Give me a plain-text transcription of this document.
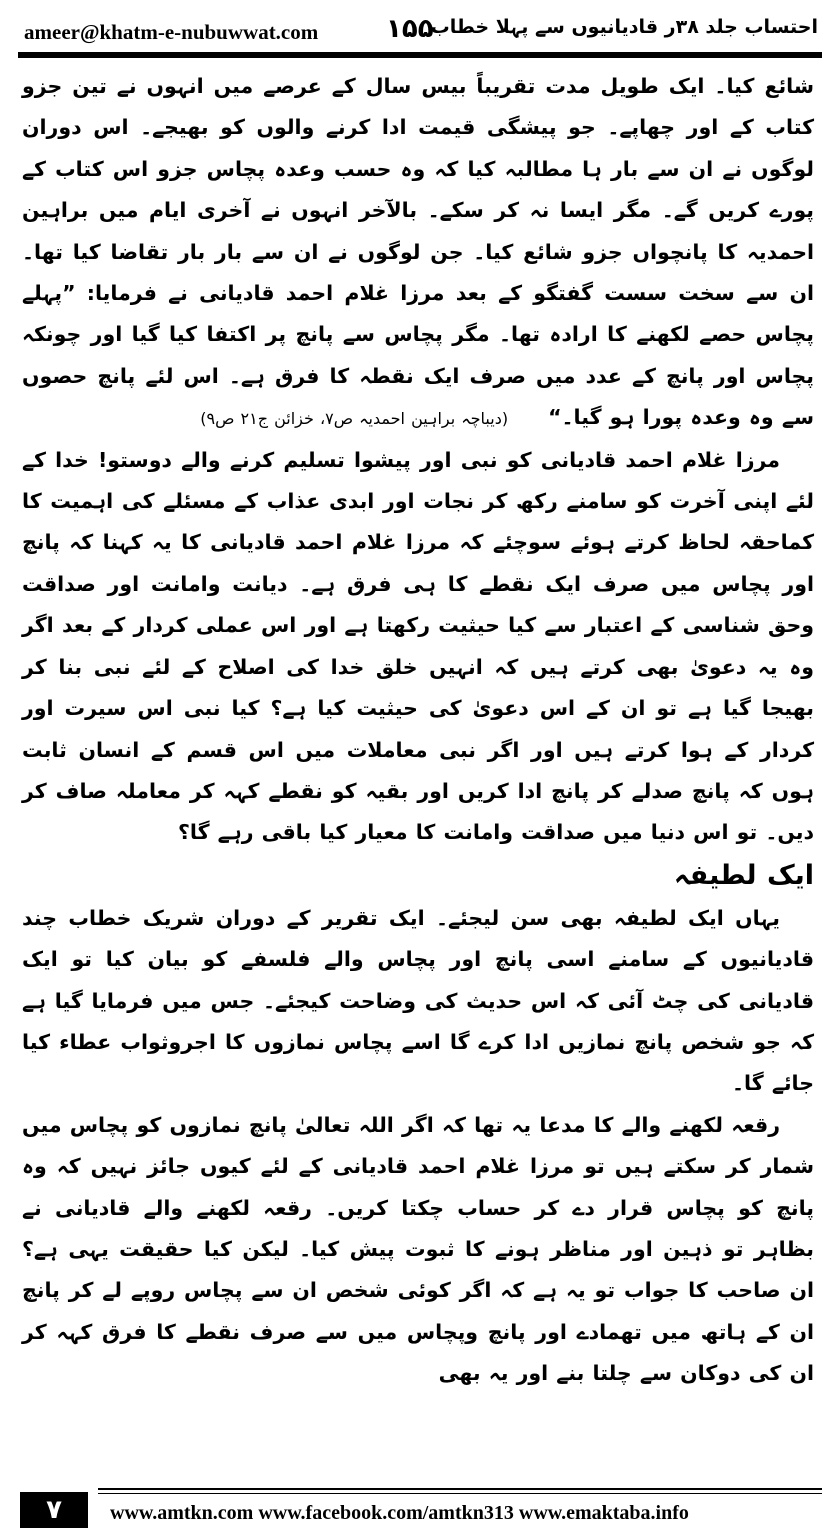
ameer@khatm-e-nubuwwat.com	۱۵۵
احتساب جلد ۳۸ر قادیانیوں سے پہلا خطاب

شائع کیا۔ ایک طویل مدت تقریباً بیس سال کے عرصے میں انہوں نے تین جزو کتاب کے اور چھاپے۔ جو پیشگی قیمت ادا کرنے والوں کو بھیجے۔ اس دوران لوگوں نے ان سے بار ہا مطالبہ کیا کہ وہ حسب وعدہ پچاس جزو اس کتاب کے پورے کریں گے۔ مگر ایسا نہ کر سکے۔ بالآخر انہوں نے آخری ایام میں براہین احمدیہ کا پانچواں جزو شائع کیا۔ جن لوگوں نے ان سے بار بار تقاضا کیا تھا۔ ان سے سخت سست گفتگو کے بعد مرزا غلام احمد قادیانی نے فرمایا: ”پہلے پچاس حصے لکھنے کا ارادہ تھا۔ مگر پچاس سے پانچ پر اکتفا کیا گیا اور چونکہ پچاس اور پانچ کے عدد میں صرف ایک نقطہ کا فرق ہے۔ اس لئے پانچ حصوں سے وہ وعدہ پورا ہو گیا۔“(دیباچہ براہین احمدیہ ص۷، خزائن ج۲۱ ص۹)

مرزا غلام احمد قادیانی کو نبی اور پیشوا تسلیم کرنے والے دوستو! خدا کے لئے اپنی آخرت کو سامنے رکھ کر نجات اور ابدی عذاب کے مسئلے کی اہمیت کا کماحقہ لحاظ کرتے ہوئے سوچئے کہ مرزا غلام احمد قادیانی کا یہ کہنا کہ پانچ اور پچاس میں صرف ایک نقطے کا ہی فرق ہے۔ دیانت وامانت اور صداقت وحق شناسی کے اعتبار سے کیا حیثیت رکھتا ہے اور اس عملی کردار کے بعد اگر وہ یہ دعویٰ بھی کرتے ہیں کہ انہیں خلق خدا کی اصلاح کے لئے نبی بنا کر بھیجا گیا ہے تو ان کے اس دعویٰ کی حیثیت کیا ہے؟ کیا نبی اس سیرت اور کردار کے ہوا کرتے ہیں اور اگر نبی معاملات میں اس قسم کے انسان ثابت ہوں کہ پانچ صدلے کر پانچ ادا کریں اور بقیہ کو نقطے کہہ کر معاملہ صاف کر دیں۔ تو اس دنیا میں صداقت وامانت کا معیار کیا باقی رہے گا؟

ایک لطیفہ

یہاں ایک لطیفہ بھی سن لیجئے۔ ایک تقریر کے دوران شریک خطاب چند قادیانیوں کے سامنے اسی پانچ اور پچاس والے فلسفے کو بیان کیا تو ایک قادیانی کی چٹ آئی کہ اس حدیث کی وضاحت کیجئے۔ جس میں فرمایا گیا ہے کہ جو شخص پانچ نمازیں ادا کرے گا اسے پچاس نمازوں کا اجروثواب عطاء کیا جائے گا۔

رقعہ لکھنے والے کا مدعا یہ تھا کہ اگر اللہ تعالیٰ پانچ نمازوں کو پچاس میں شمار کر سکتے ہیں تو مرزا غلام احمد قادیانی کے لئے کیوں جائز نہیں کہ وہ پانچ کو پچاس قرار دے کر حساب چکتا کریں۔ رقعہ لکھنے والے قادیانی نے بظاہر تو ذہین اور مناظر ہونے کا ثبوت پیش کیا۔ لیکن کیا حقیقت یہی ہے؟ ان صاحب کا جواب تو یہ ہے کہ اگر کوئی شخص ان سے پچاس روپے لے کر پانچ ان کے ہاتھ میں تھمادے اور پانچ وپچاس میں سے صرف نقطے کا فرق کہہ کر ان کی دوکان سے چلتا بنے اور یہ بھی

۷	www.amtkn.com www.facebook.com/amtkn313 www.emaktaba.info
